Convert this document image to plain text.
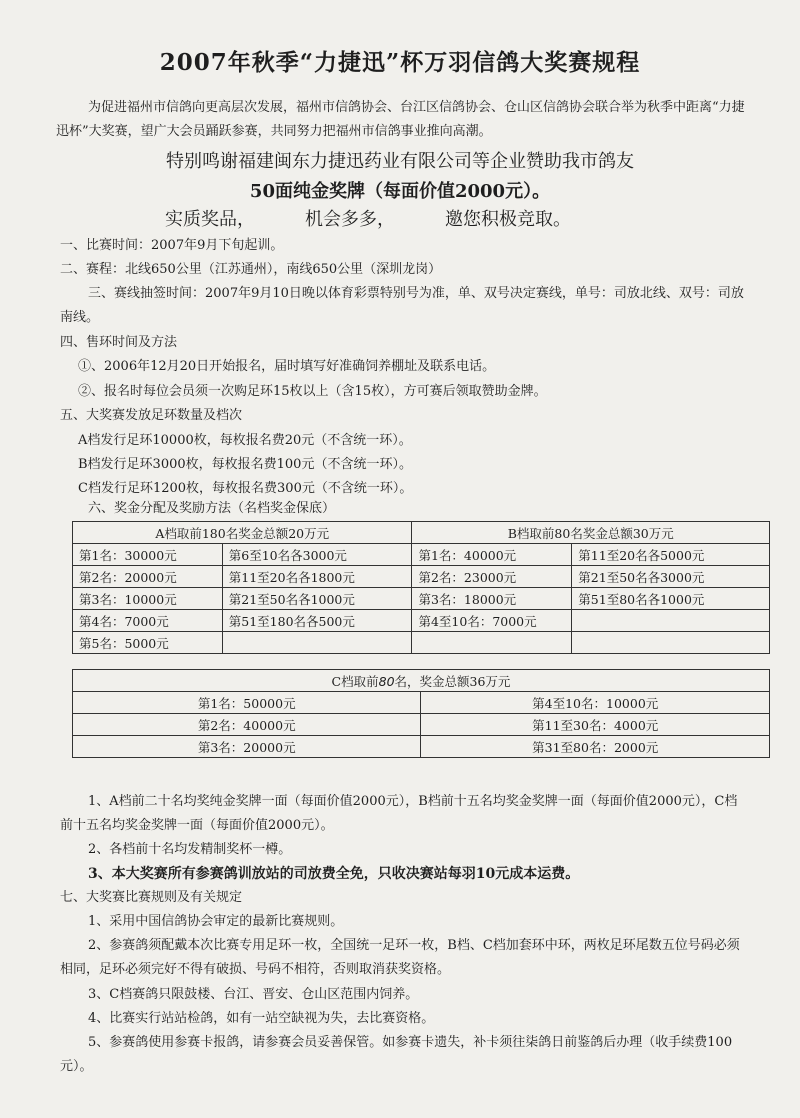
2007年秋季“力捷迅”杯万羽信鸽大奖赛规程
为促进福州市信鸽向更高层次发展，福州市信鸽协会、台江区信鸽协会、仓山区信鸽协会联合举为秋季中距离“力捷迅杯”大奖赛，望广大会员踊跃参赛，共同努力把福州市信鸽事业推向高潮。
特别鸣谢福建闽东力捷迅药业有限公司等企业赞助我市鸽友
50面纯金奖牌（每面价值2000元）。
实质奖品，	机会多多，	邀您积极竞取。
一、比赛时间：2007年9月下旬起训。
二、赛程：北线650公里（江苏通州），南线650公里（深圳龙岗）
三、赛线抽签时间：2007年9月10日晚以体育彩票特别号为准，单、双号决定赛线，单号：司放北线、双号：司放南线。
四、售环时间及方法
①、2006年12月20日开始报名，届时填写好准确饲养棚址及联系电话。
②、报名时每位会员须一次购足环15枚以上（含15枚），方可赛后领取赞助金牌。
五、大奖赛发放足环数量及档次
A档发行足环10000枚，每枚报名费20元（不含统一环）。
B档发行足环3000枚，每枚报名费100元（不含统一环）。
C档发行足环1200枚，每枚报名费300元（不含统一环）。
六、奖金分配及奖励方法（名档奖金保底）
A档取前180名奖金总额20万元		B档取前80名奖金总额30万元	
第1名：30000元	第6至10名各3000元	第1名：40000元	第11至20名各5000元
第2名：20000元	第11至20名各1800元	第2名：23000元	第21至50名各3000元
第3名：10000元	第21至50名各1000元	第3名：18000元	第51至80名各1000元
第4名：7000元	第51至180名各500元	第4至10名：7000元	
第5名：5000元			
C档取前80名，奖金总额36万元	
第1名：50000元	第4至10名：10000元
第2名：40000元	第11至30名：4000元
第3名：20000元	第31至80名：2000元
1、A档前二十名均奖纯金奖牌一面（每面价值2000元），B档前十五名均奖金奖牌一面（每面价值2000元），C档前十五名均奖金奖牌一面（每面价值2000元）。
2、各档前十名均发精制奖杯一樽。
3、本大奖赛所有参赛鸽训放站的司放费全免，只收决赛站每羽10元成本运费。
七、大奖赛比赛规则及有关规定
1、采用中国信鸽协会审定的最新比赛规则。
2、参赛鸽须配戴本次比赛专用足环一枚，全国统一足环一枚，B档、C档加套环中环，两枚足环尾数五位号码必须相同，足环必须完好不得有破损、号码不相符，否则取消获奖资格。
3、C档赛鸽只限鼓楼、台江、晋安、仓山区范围内饲养。
4、比赛实行站站检鸽，如有一站空缺视为失，去比赛资格。
5、参赛鸽使用参赛卡报鸽，请参赛会员妥善保管。如参赛卡遗失，补卡须往柒鸽日前鉴鸽后办理（收手续费100元）。
